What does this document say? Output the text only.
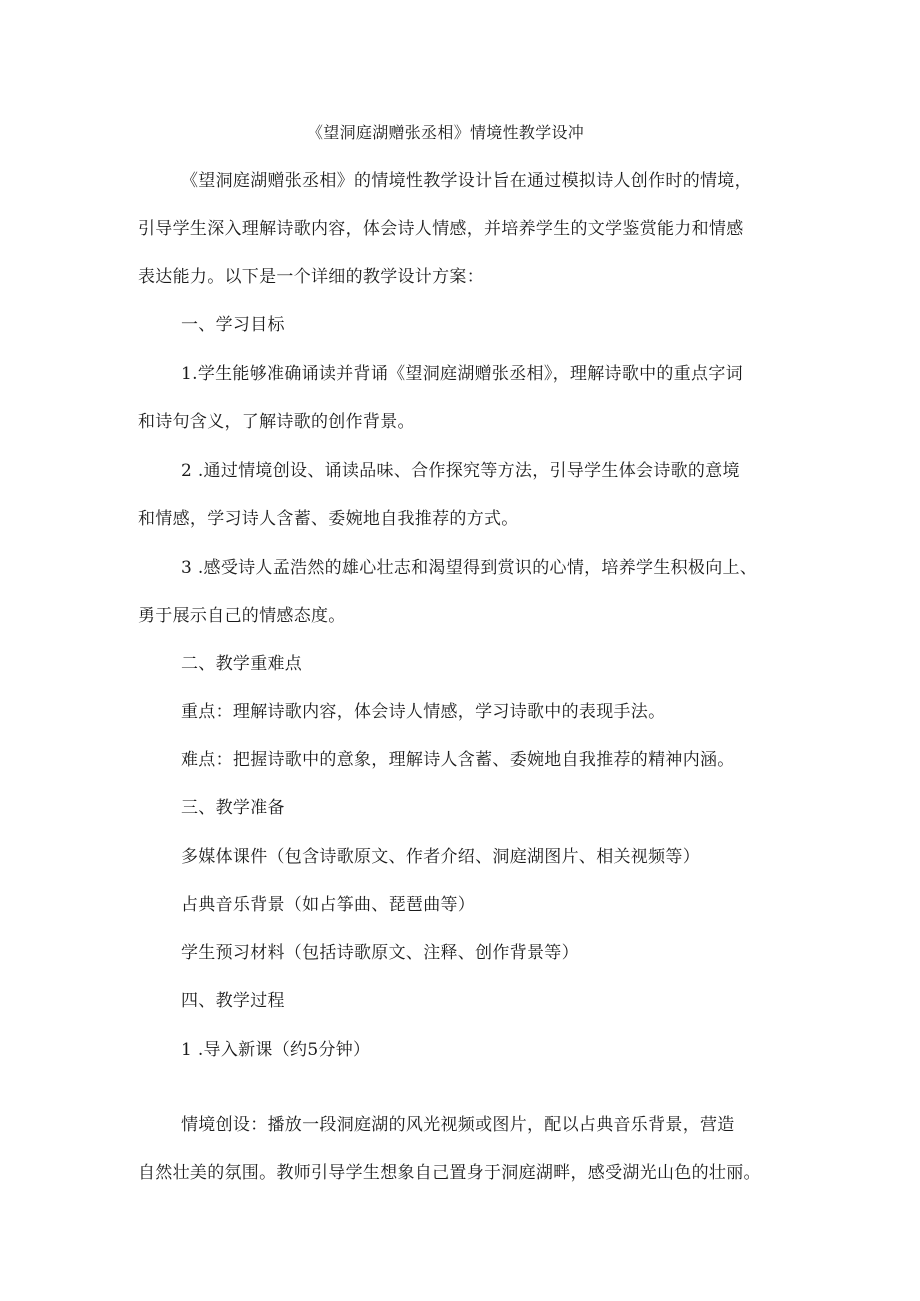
《望洞庭湖赠张丞相》情境性教学设冲
《望洞庭湖赠张丞相》的情境性教学设计旨在通过模拟诗人创作时的情境，
引导学生深入理解诗歌内容，体会诗人情感，并培养学生的文学鉴赏能力和情感
表达能力。以下是一个详细的教学设计方案：
一、学习目标
1.学生能够准确诵读并背诵《望洞庭湖赠张丞相》，理解诗歌中的重点字词
和诗句含义，了解诗歌的创作背景。
2 .通过情境创设、诵读品味、合作探究等方法，引导学生体会诗歌的意境
和情感，学习诗人含蓄、委婉地自我推荐的方式。
3 .感受诗人孟浩然的雄心壮志和渴望得到赏识的心情，培养学生积极向上、
勇于展示自己的情感态度。
二、教学重难点
重点：理解诗歌内容，体会诗人情感，学习诗歌中的表现手法。
难点：把握诗歌中的意象，理解诗人含蓄、委婉地自我推荐的精神内涵。
三、教学准备
多媒体课件（包含诗歌原文、作者介绍、洞庭湖图片、相关视频等）
占典音乐背景（如占筝曲、琵琶曲等）
学生预习材料（包括诗歌原文、注释、创作背景等）
四、教学过程
1 .导入新课（约5分钟）
情境创设：播放一段洞庭湖的风光视频或图片，配以占典音乐背景，营造
自然壮美的氛围。教师引导学生想象自己置身于洞庭湖畔，感受湖光山色的壮丽。
